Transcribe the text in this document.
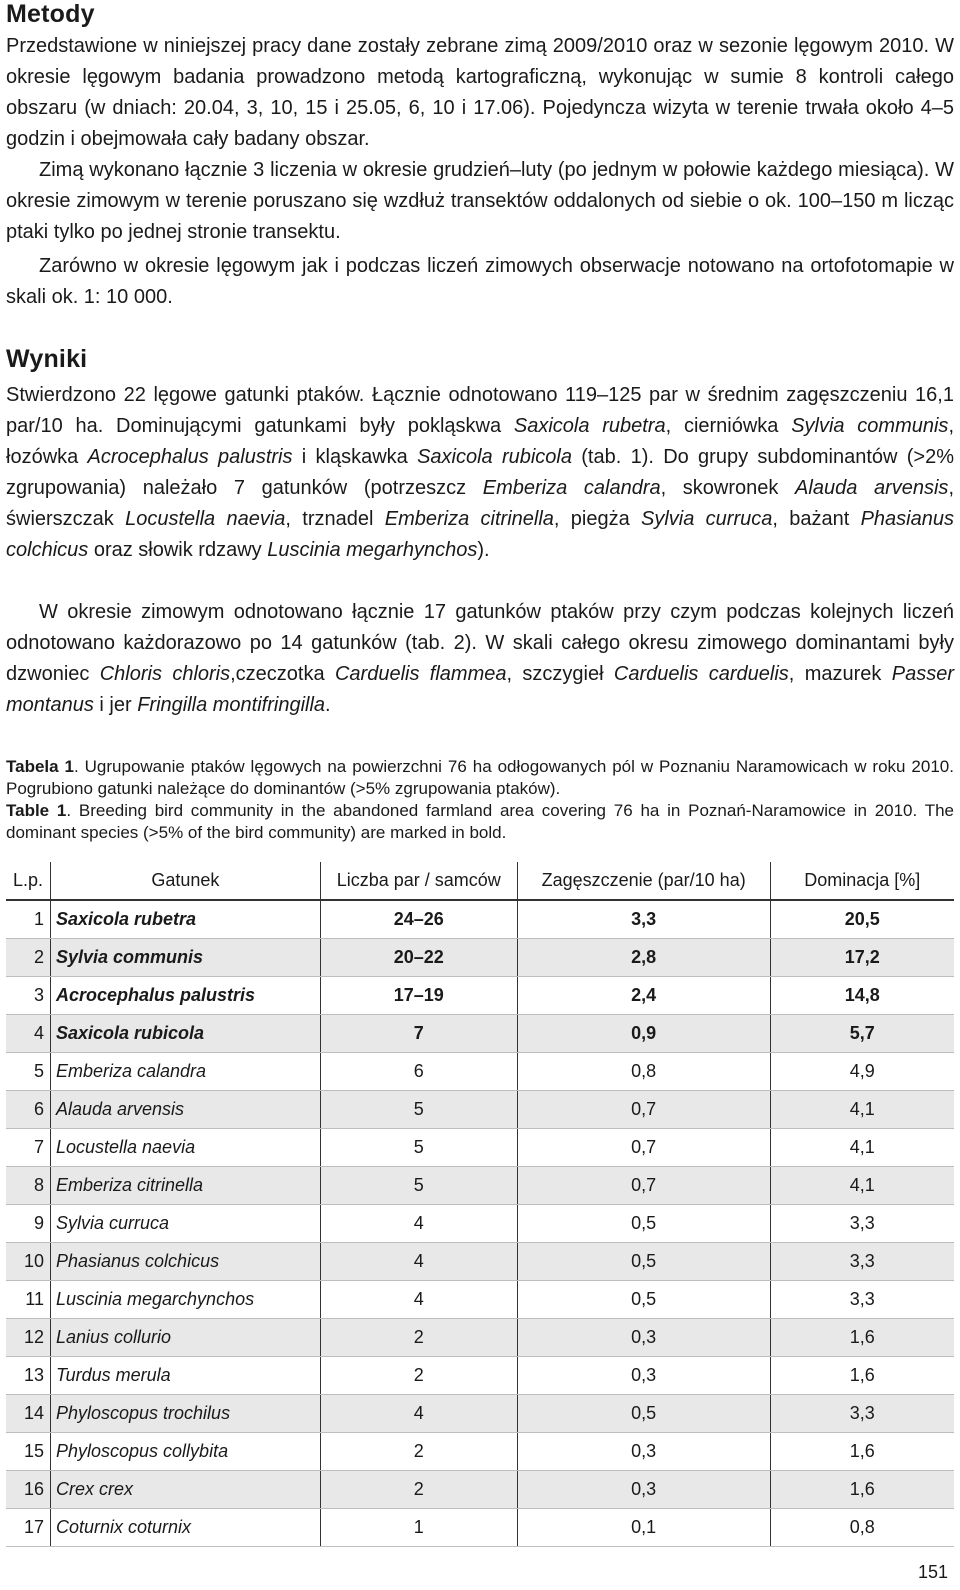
Metody

Przedstawione w niniejszej pracy dane zostały zebrane zimą 2009/2010 oraz w sezonie lęgowym 2010. W okresie lęgowym badania prowadzono metodą kartograficzną, wykonując w sumie 8 kontroli całego obszaru (w dniach: 20.04, 3, 10, 15 i 25.05, 6, 10 i 17.06). Pojedyncza wizyta w terenie trwała około 4–5 godzin i obejmowała cały badany obszar.

Zimą wykonano łącznie 3 liczenia w okresie grudzień–luty (po jednym w połowie każdego miesiąca). W okresie zimowym w terenie poruszano się wzdłuż transektów oddalonych od siebie o ok. 100–150 m licząc ptaki tylko po jednej stronie transektu.

Zarówno w okresie lęgowym jak i podczas liczeń zimowych obserwacje notowano na ortofotomapie w skali ok. 1: 10 000.

Wyniki

Stwierdzono 22 lęgowe gatunki ptaków. Łącznie odnotowano 119–125 par w średnim zagęszczeniu 16,1 par/10 ha. Dominującymi gatunkami były pokląskwa Saxicola rubetra, cierniówka Sylvia communis, łozówka Acrocephalus palustris i kląskawka Saxicola rubicola (tab. 1). Do grupy subdominantów (>2% zgrupowania) należało 7 gatunków (potrzeszcz Emberiza calandra, skowronek Alauda arvensis, świerszczak Locustella naevia, trznadel Emberiza citrinella, piegża Sylvia curruca, bażant Phasianus colchicus oraz słowik rdzawy Luscinia megarhynchos).

W okresie zimowym odnotowano łącznie 17 gatunków ptaków przy czym podczas kolejnych liczeń odnotowano każdorazowo po 14 gatunków (tab. 2). W skali całego okresu zimowego dominantami były dzwoniec Chloris chloris,czeczotka Carduelis flammea, szczygieł Carduelis carduelis, mazurek Passer montanus i jer Fringilla montifringilla.

Tabela 1. Ugrupowanie ptaków lęgowych na powierzchni 76 ha odłogowanych pól w Poznaniu Naramowicach w roku 2010. Pogrubiono gatunki należące do dominantów (>5% zgrupowania ptaków).

Table 1. Breeding bird community in the abandoned farmland area covering 76 ha in Poznań-Naramowice in 2010. The dominant species (>5% of the bird community) are marked in bold.

L.p.	Gatunek	Liczba par / samców	Zagęszczenie (par/10 ha)	Dominacja [%]
1	Saxicola rubetra	24–26	3,3	20,5
2	Sylvia communis	20–22	2,8	17,2
3	Acrocephalus palustris	17–19	2,4	14,8
4	Saxicola rubicola	7	0,9	5,7
5	Emberiza calandra	6	0,8	4,9
6	Alauda arvensis	5	0,7	4,1
7	Locustella naevia	5	0,7	4,1
8	Emberiza citrinella	5	0,7	4,1
9	Sylvia curruca	4	0,5	3,3
10	Phasianus colchicus	4	0,5	3,3
11	Luscinia megarchynchos	4	0,5	3,3
12	Lanius collurio	2	0,3	1,6
13	Turdus merula	2	0,3	1,6
14	Phyloscopus trochilus	4	0,5	3,3
15	Phyloscopus collybita	2	0,3	1,6
16	Crex crex	2	0,3	1,6
17	Coturnix coturnix	1	0,1	0,8
151
